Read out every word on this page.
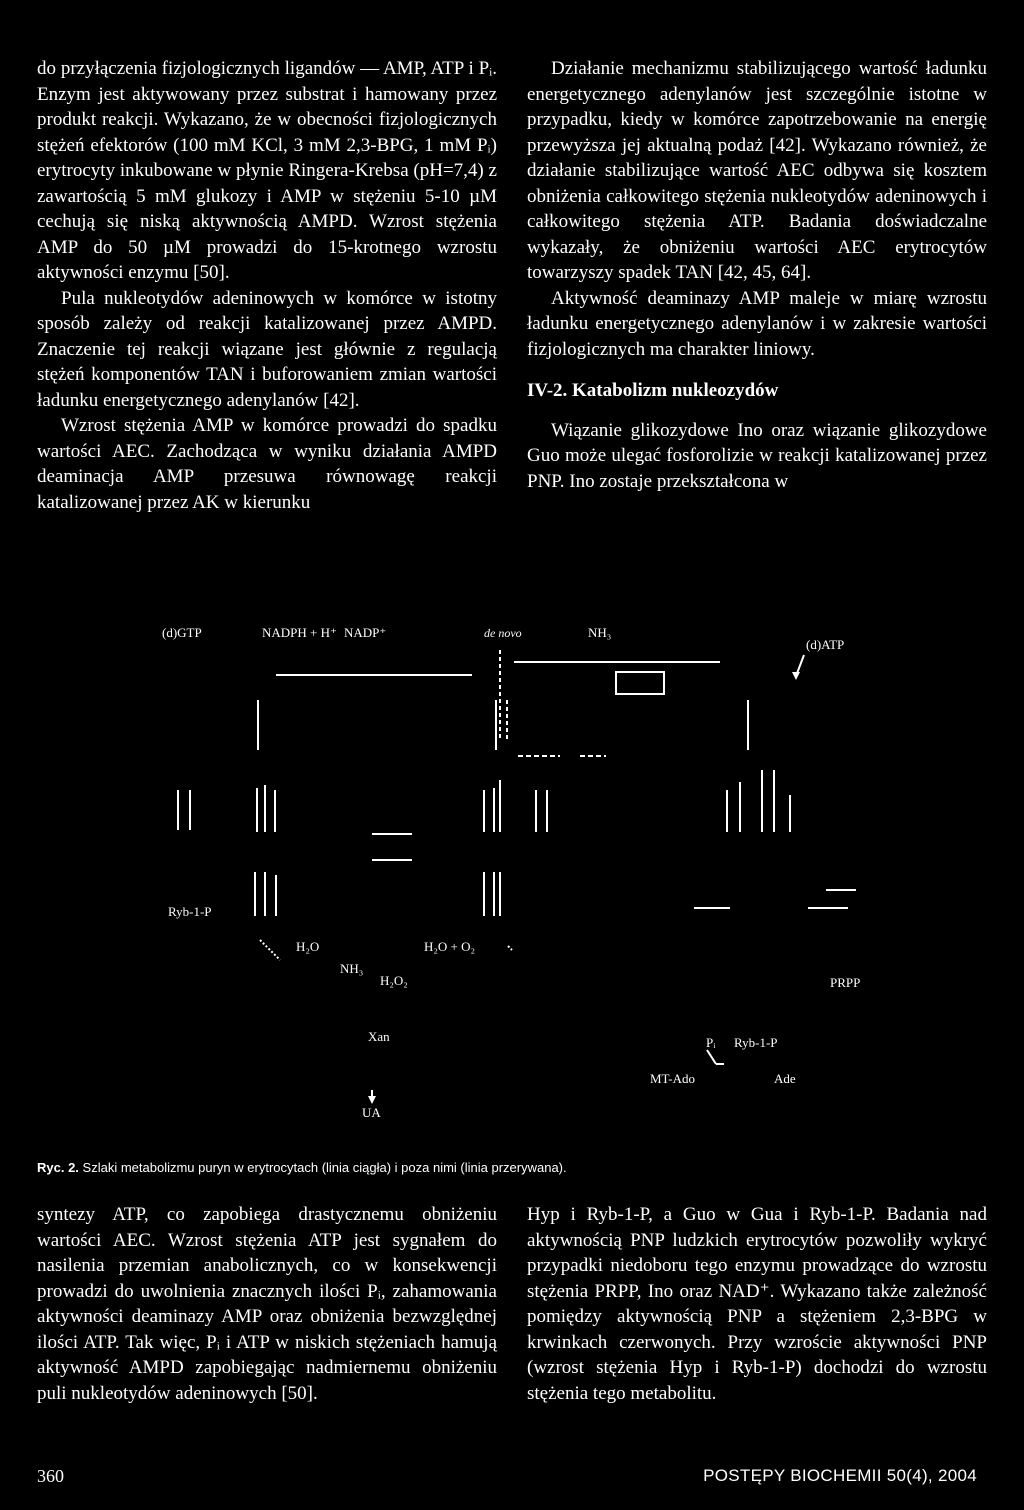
do przyłączenia fizjologicznych ligandów — AMP, ATP i Pᵢ. Enzym jest aktywowany przez substrat i hamowany przez produkt reakcji. Wykazano, że w obecności fizjologicznych stężeń efektorów (100 mM KCl, 3 mM 2,3-BPG, 1 mM Pᵢ) erytrocyty inkubowane w płynie Ringera-Krebsa (pH=7,4) z zawartością 5 mM glukozy i AMP w stężeniu 5-10 µM cechują się niską aktywnością AMPD. Wzrost stężenia AMP do 50 µM prowadzi do 15-krotnego wzrostu aktywności enzymu [50].

Pula nukleotydów adeninowych w komórce w istotny sposób zależy od reakcji katalizowanej przez AMPD. Znaczenie tej reakcji wiązane jest głównie z regulacją stężeń komponentów TAN i buforowaniem zmian wartości ładunku energetycznego adenylanów [42].

Wzrost stężenia AMP w komórce prowadzi do spadku wartości AEC. Zachodząca w wyniku działania AMPD deaminacja AMP przesuwa równowagę reakcji katalizowanej przez AK w kierunku

Działanie mechanizmu stabilizującego wartość ładunku energetycznego adenylanów jest szczególnie istotne w przypadku, kiedy w komórce zapotrzebowanie na energię przewyższa jej aktualną podaż [42]. Wykazano również, że działanie stabilizujące wartość AEC odbywa się kosztem obniżenia całkowitego stężenia nukleotydów adeninowych i całkowitego stężenia ATP. Badania doświadczalne wykazały, że obniżeniu wartości AEC erytrocytów towarzyszy spadek TAN [42, 45, 64].

Aktywność deaminazy AMP maleje w miarę wzrostu ładunku energetycznego adenylanów i w zakresie wartości fizjologicznych ma charakter liniowy.

IV-2. Katabolizm nukleozydów

Wiązanie glikozydowe Ino oraz wiązanie glikozydowe Guo może ulegać fosforolizie w reakcji katalizowanej przez PNP. Ino zostaje przekształcona w

(d)GTP	NADPH + H⁺ NADP⁺	de novo	NH₃
(d)ATP
Ryb-1-P
H₂O
NH₃
H₂O + O₂
H₂O₂	PRPP
Xan	Pᵢ Ryb-1-P
MT-Ado	Ade
UA
Ryc. 2. Szlaki metabolizmu puryn w erytrocytach (linia ciągła) i poza nimi (linia przerywana).

syntezy ATP, co zapobiega drastycznemu obniżeniu wartości AEC. Wzrost stężenia ATP jest sygnałem do nasilenia przemian anabolicznych, co w konsekwencji prowadzi do uwolnienia znacznych ilości Pᵢ, zahamowania aktywności deaminazy AMP oraz obniżenia bezwzględnej ilości ATP. Tak więc, Pᵢ i ATP w niskich stężeniach hamują aktywność AMPD zapobiegając nadmiernemu obniżeniu puli nukleotydów adeninowych [50].

Hyp i Ryb-1-P, a Guo w Gua i Ryb-1-P. Badania nad aktywnością PNP ludzkich erytrocytów pozwoliły wykryć przypadki niedoboru tego enzymu prowadzące do wzrostu stężenia PRPP, Ino oraz NAD⁺. Wykazano także zależność pomiędzy aktywnością PNP a stężeniem 2,3-BPG w krwinkach czerwonych. Przy wzroście aktywności PNP (wzrost stężenia Hyp i Ryb-1-P) dochodzi do wzrostu stężenia tego metabolitu.

360	POSTĘPY BIOCHEMII 50(4), 2004
